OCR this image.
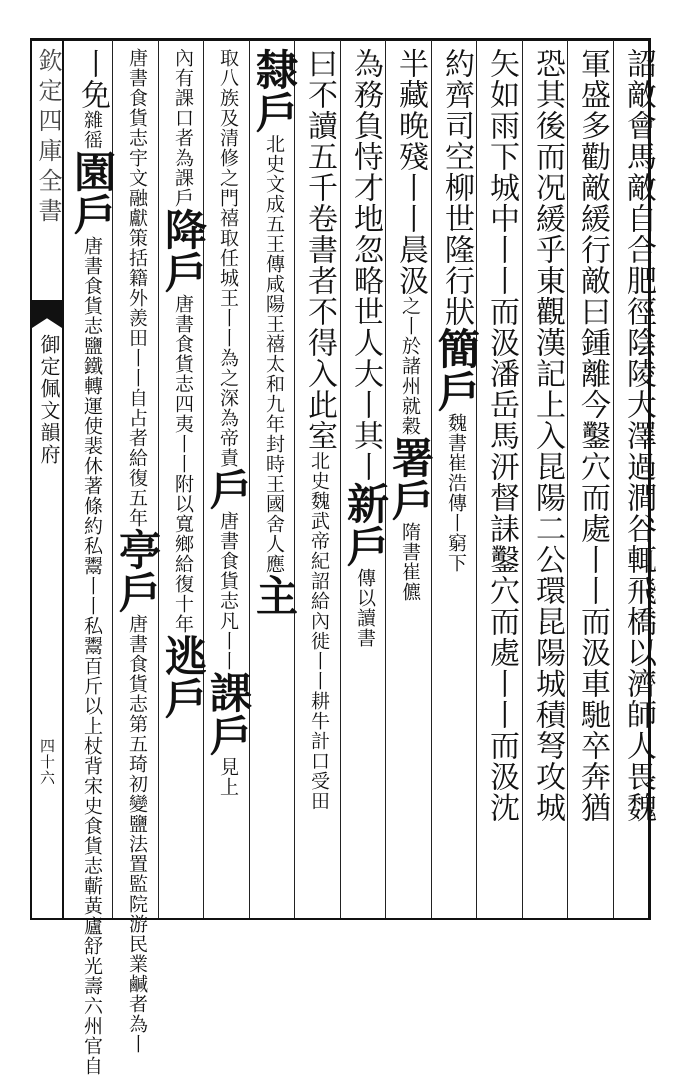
欽定四庫全書
御定佩文韻府
四十六	詔敵會馬敵自合肥徑陰陵大澤過澗谷輒飛橋以濟師人畏魏
軍盛多勸敵緩行敵曰鍾離今鑿穴而處丨丨而汲車馳卒奔猶
恐其後而况緩乎東觀漢記上入昆陽二公環昆陽城積弩攻城
矢如雨下城中丨丨而汲潘岳馬汧督誄鑿穴而處丨丨而汲沈
約齊司空柳世隆行狀簡戶魏書崔浩傳丨窮下
半藏晚殘丨丨晨汲之丨於諸州就穀署戶隋書崔儦
為務負恃才地忽略世人大丨其丨新戶傳以讀書
曰不讀五千卷書者不得入此室北史魏武帝紀詔給內徙丨丨耕牛計口受田
隸戶北史文成五王傳咸陽王禧太和九年封時王國舍人應主
取八族及清修之門禧取任城王丨丨為之深為帝責戶唐書食貨志凡丨丨課戶見上
內有課口者為課戶降戶唐書食貨志四夷丨丨附以寬鄉給復十年逃戶
唐書食貨志宇文融獻策括籍外羨田丨丨自占者給復五年亭戶唐書食貨志第五琦初變鹽法置監院游民業鹹者為丨
丨免雜徭園戶唐書食貨志鹽鐵轉運使裴休著條約私鬻丨丨私鬻百斤以上杖背宋史食貨志蘄黃廬舒光壽六州官自
